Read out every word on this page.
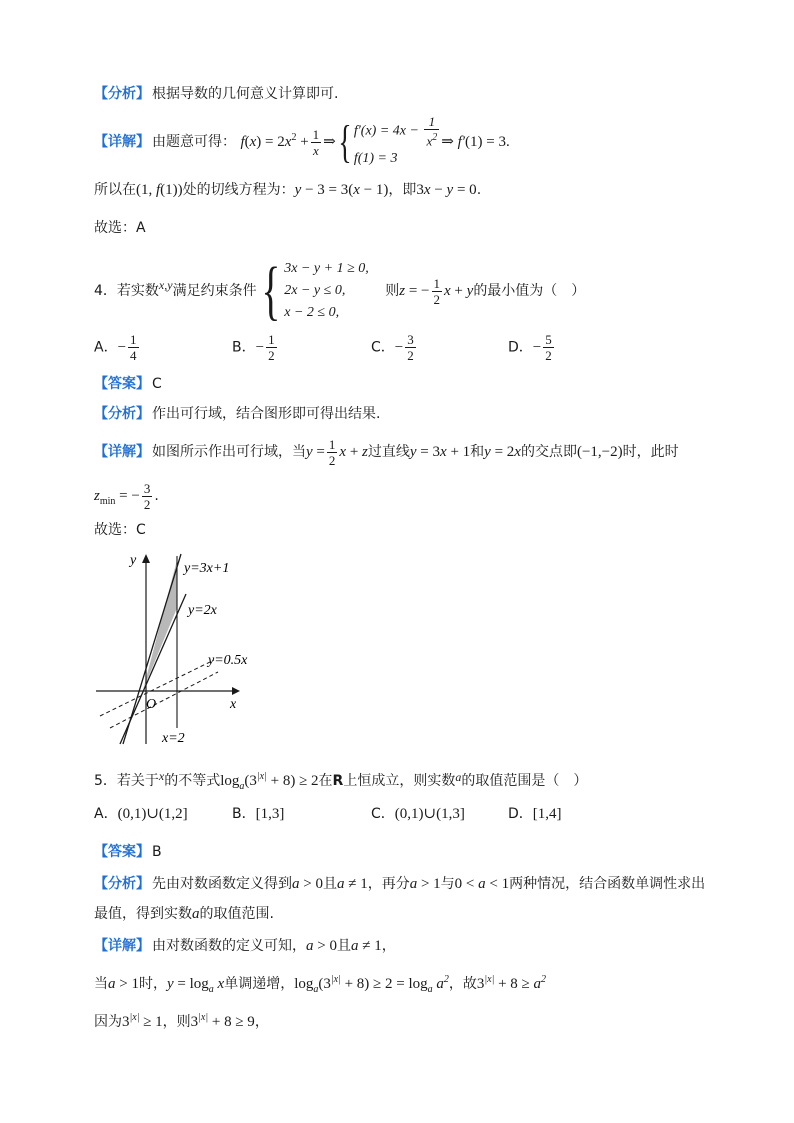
【分析】 根据导数的几何意义计算即可.
【详解】 由题意可得： $f(x) = 2x^2 + \frac{1}{x}$ ⇒{ $f'(x) = 4x - \frac{1}{x^2}$
f(1) = 3
⇒ f′(1) = 3.
所以在(1, f(1))处的切线方程为：y − 3 = 3(x − 1)，即3x − y = 0.
故选：A
4．若实数x,y满足约束条件{ 3x − y + 1 ≥ 0,
2x − y ≤ 0,
x − 2 ≤ 0,
则z = − $\frac{1}{2}$ x + y的最小值为（　）
A．− $\frac{1}{4}$	B．− $\frac{1}{2}$	C．− $\frac{3}{2}$	D．− $\frac{5}{2}$
【答案】 C
【分析】 作出可行域，结合图形即可得出结果.
【详解】 如图所示作出可行域，当$y = \frac{1}{2}$ x + z过直线y = 3x + 1和y = 2x的交点即(−1,−2)时，此时
$z_{min}$ = − $\frac{3}{2}$ .
故选：C
y
x
O
y=3x+1
y=2x
y=0.5x
x=2
5．若关于x的不等式$\log_a(3^{|x|} + 8) \ge 2$在R上恒成立，则实数a的取值范围是（　）
A．(0,1)∪(1,2]	B．[1,3]	C．(0,1)∪(1,3]	D．[1,4]
【答案】 B
【分析】 先由对数函数定义得到a > 0且a ≠ 1，再分a > 1与0 < a < 1两种情况，结合函数单调性求出
最值，得到实数a的取值范围.
【详解】 由对数函数的定义可知，a > 0且a ≠ 1，
当a > 1时，$y = \log_a x$单调递增，$\log_a(3^{|x|} + 8) \ge 2 = \log_a a^2$，故$3^{|x|} + 8 \ge a^2$
因为$3^{|x|} \ge 1$，则$3^{|x|} + 8 \ge 9$，
